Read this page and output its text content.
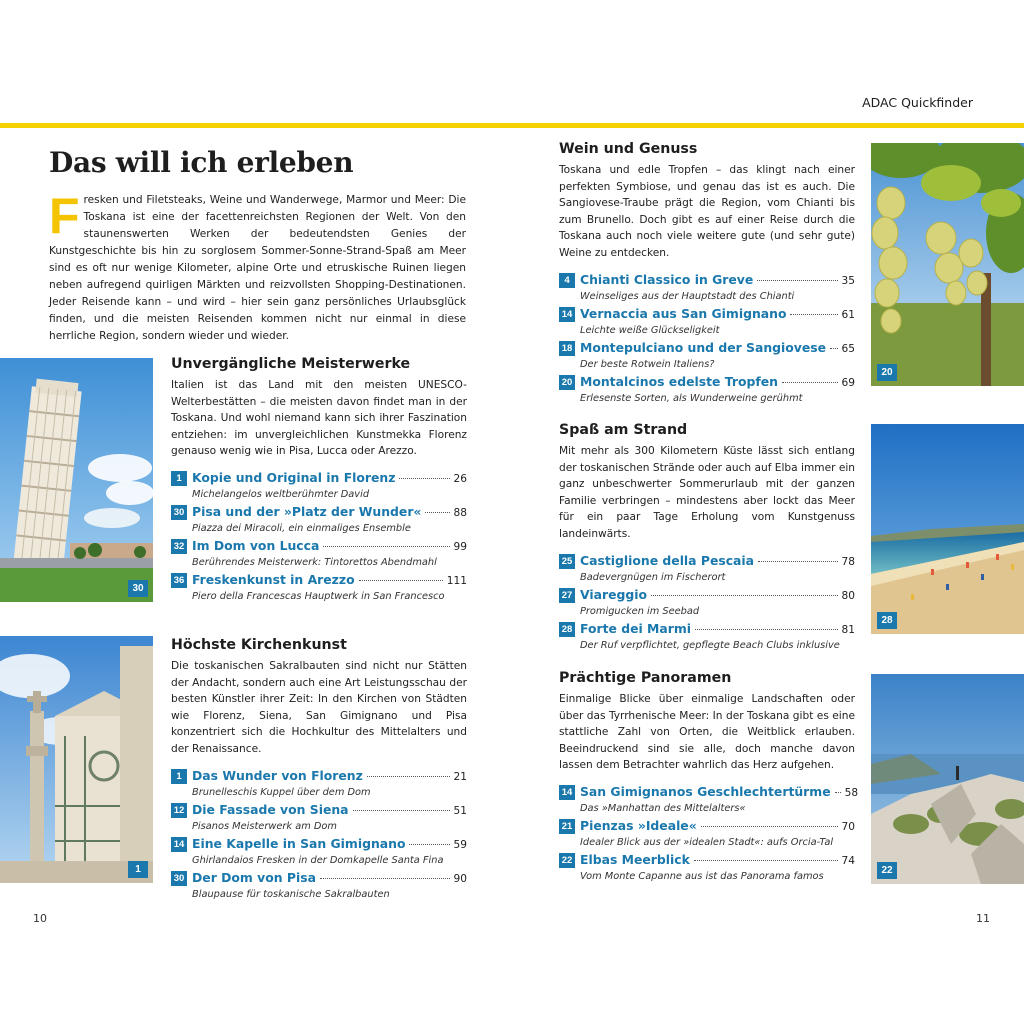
ADAC Quickfinder
Das will ich erleben

Fresken und Filetsteaks, Weine und Wanderwege, Marmor und Meer: Die Toskana ist eine der facettenreichsten Regionen der Welt. Von den staunenswerten Werken der bedeutendsten Genies der Kunstgeschichte bis hin zu sorglosem Sommer-Sonne-Strand-Spaß am Meer sind es oft nur wenige Kilometer, alpine Orte und etruskische Ruinen liegen neben aufregend quirligen Märkten und reizvollsten Shopping-Destinationen. Jeder Reisende kann – und wird – hier sein ganz persönliches Urlaubsglück finden, und die meisten Reisenden kommen nicht nur einmal in diese herrliche Region, sondern wieder und wieder.

30
1
20
28
22
Unvergängliche Meisterwerke

Italien ist das Land mit den meisten UNESCO-Welterbestätten – die meisten davon findet man in der Toskana. Und wohl niemand kann sich ihrer Faszination entziehen: im unvergleichlichen Kunstmekka Florenz genauso wenig wie in Pisa, Lucca oder Arezzo.

1 Kopie und Original in Florenz	26
Michelangelos weltberühmter David
30 Pisa und der »Platz der Wunder«	88
Piazza dei Miracoli, ein einmaliges Ensemble
32 Im Dom von Lucca	99
Berührendes Meisterwerk: Tintorettos Abendmahl
36 Freskenkunst in Arezzo	111
Piero della Francescas Hauptwerk in San Francesco
Höchste Kirchenkunst

Die toskanischen Sakralbauten sind nicht nur Stätten der Andacht, sondern auch eine Art Leistungsschau der besten Künstler ihrer Zeit: In den Kirchen von Städten wie Florenz, Siena, San Gimignano und Pisa konzentriert sich die Hochkultur des Mittelalters und der Renaissance.

1 Das Wunder von Florenz	21
Brunelleschis Kuppel über dem Dom
12 Die Fassade von Siena	51
Pisanos Meisterwerk am Dom
14 Eine Kapelle in San Gimignano	59
Ghirlandaios Fresken in der Domkapelle Santa Fina
30 Der Dom von Pisa	90
Blaupause für toskanische Sakralbauten
Wein und Genuss

Toskana und edle Tropfen – das klingt nach einer perfekten Symbiose, und genau das ist es auch. Die Sangiovese-Traube prägt die Region, vom Chianti bis zum Brunello. Doch gibt es auf einer Reise durch die Toskana auch noch viele weitere gute (und sehr gute) Weine zu entdecken.

4 Chianti Classico in Greve	35
Weinseliges aus der Hauptstadt des Chianti
14 Vernaccia aus San Gimignano	61
Leichte weiße Glückseligkeit
18 Montepulciano und der Sangiovese 65
Der beste Rotwein Italiens?
20 Montalcinos edelste Tropfen	69
Erlesenste Sorten, als Wunderweine gerühmt
Spaß am Strand

Mit mehr als 300 Kilometern Küste lässt sich entlang der toskanischen Strände oder auch auf Elba immer ein ganz unbeschwerter Sommerurlaub mit der ganzen Familie verbringen – mindestens aber lockt das Meer für ein paar Tage Erholung vom Kunstgenuss landeinwärts.

25 Castiglione della Pescaia	78
Badevergnügen im Fischerort
27 Viareggio	80
Promigucken im Seebad
28 Forte dei Marmi	81
Der Ruf verpflichtet, gepflegte Beach Clubs inklusive
Prächtige Panoramen

Einmalige Blicke über einmalige Landschaften oder über das Tyrrhenische Meer: In der Toskana gibt es eine stattliche Zahl von Orten, die Weitblick erlauben. Beeindruckend sind sie alle, doch manche davon lassen dem Betrachter wahrlich das Herz aufgehen.

14 San Gimignanos Geschlechtertürme 58
Das »Manhattan des Mittelalters«
21 Pienzas »Ideale«	70
Idealer Blick aus der »idealen Stadt«: aufs Orcia-Tal
22 Elbas Meerblick	74
Vom Monte Capanne aus ist das Panorama famos
10	11
